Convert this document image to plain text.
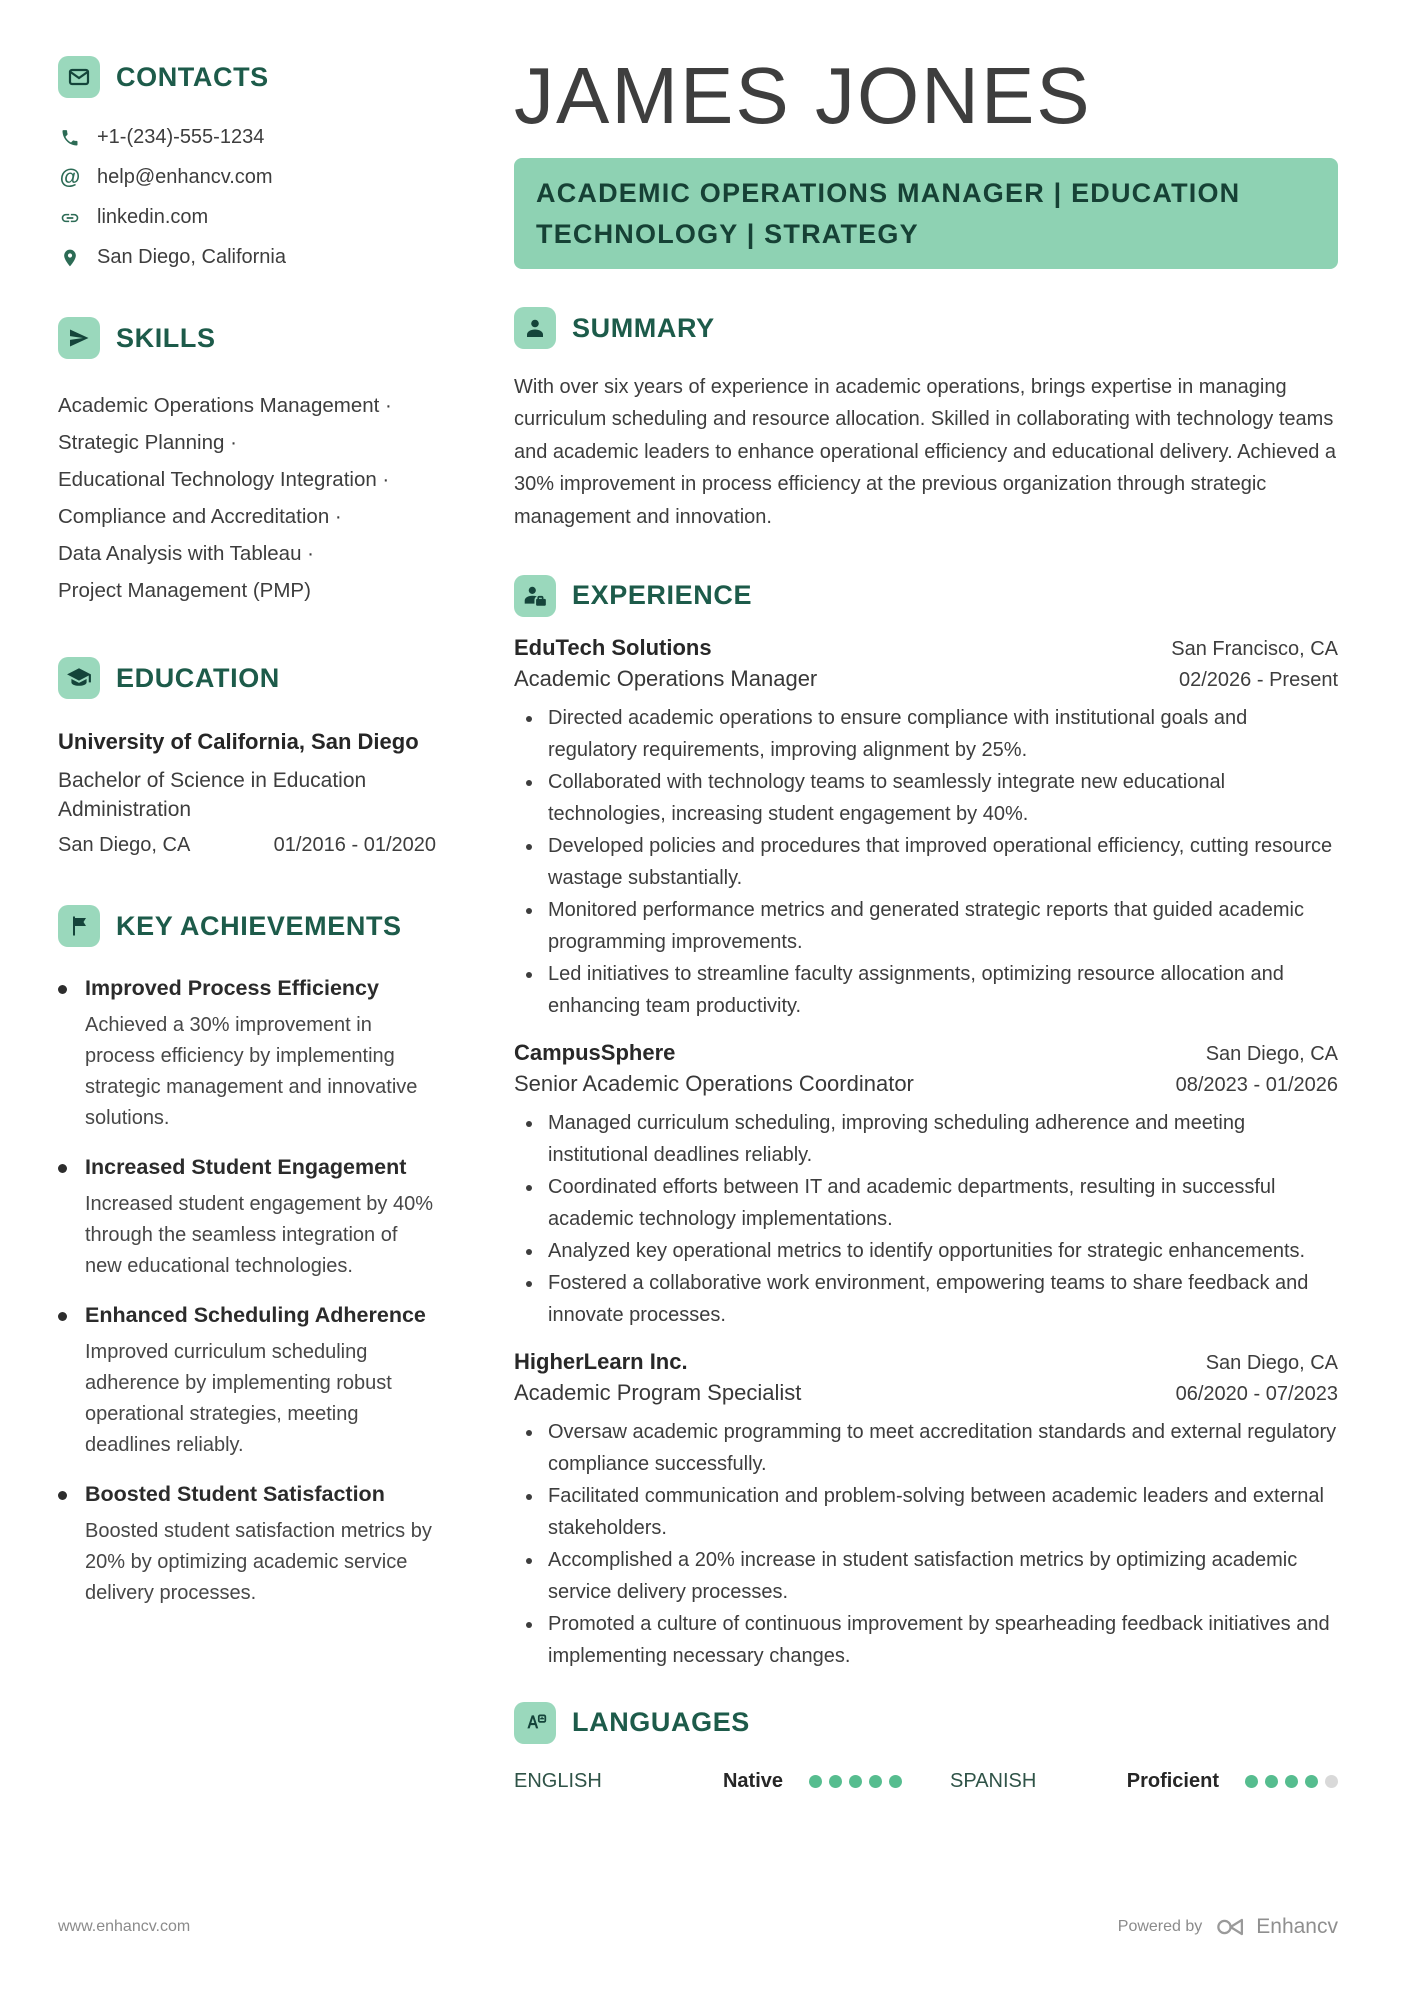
CONTACTS
+1-(234)-555-1234
@ help@enhancv.com
linkedin.com
San Diego, California
SKILLS
Academic Operations Management ·
Strategic Planning ·
Educational Technology Integration ·
Compliance and Accreditation ·
Data Analysis with Tableau ·
Project Management (PMP)
EDUCATION
University of California, San Diego
Bachelor of Science in Education Administration
San Diego, CA	01/2016 - 01/2020
KEY ACHIEVEMENTS
Improved Process Efficiency
Achieved a 30% improvement in process efficiency by implementing strategic management and innovative solutions.
Increased Student Engagement
Increased student engagement by 40% through the seamless integration of new educational technologies.
Enhanced Scheduling Adherence
Improved curriculum scheduling adherence by implementing robust operational strategies, meeting deadlines reliably.
Boosted Student Satisfaction
Boosted student satisfaction metrics by 20% by optimizing academic service delivery processes.
JAMES JONES
ACADEMIC OPERATIONS MANAGER | EDUCATION TECHNOLOGY | STRATEGY
SUMMARY

With over six years of experience in academic operations, brings expertise in managing curriculum scheduling and resource allocation. Skilled in collaborating with technology teams and academic leaders to enhance operational efficiency and educational delivery. Achieved a 30% improvement in process efficiency at the previous organization through strategic management and innovation.

EXPERIENCE
EduTech Solutions	San Francisco, CA
Academic Operations Manager	02/2026 - Present
• Directed academic operations to ensure compliance with institutional goals and regulatory requirements, improving alignment by 25%.
• Collaborated with technology teams to seamlessly integrate new educational technologies, increasing student engagement by 40%.
• Developed policies and procedures that improved operational efficiency, cutting resource wastage substantially.
• Monitored performance metrics and generated strategic reports that guided academic programming improvements.
• Led initiatives to streamline faculty assignments, optimizing resource allocation and enhancing team productivity.
CampusSphere	San Diego, CA
Senior Academic Operations Coordinator	08/2023 - 01/2026
• Managed curriculum scheduling, improving scheduling adherence and meeting institutional deadlines reliably.
• Coordinated efforts between IT and academic departments, resulting in successful academic technology implementations.
• Analyzed key operational metrics to identify opportunities for strategic enhancements.
• Fostered a collaborative work environment, empowering teams to share feedback and innovate processes.
HigherLearn Inc.	San Diego, CA
Academic Program Specialist	06/2020 - 07/2023
• Oversaw academic programming to meet accreditation standards and external regulatory compliance successfully.
• Facilitated communication and problem-solving between academic leaders and external stakeholders.
• Accomplished a 20% increase in student satisfaction metrics by optimizing academic service delivery processes.
• Promoted a culture of continuous improvement by spearheading feedback initiatives and implementing necessary changes.
LANGUAGES
ENGLISH	Native	SPANISH	Proficient
www.enhancv.com	Powered by	Enhancv
